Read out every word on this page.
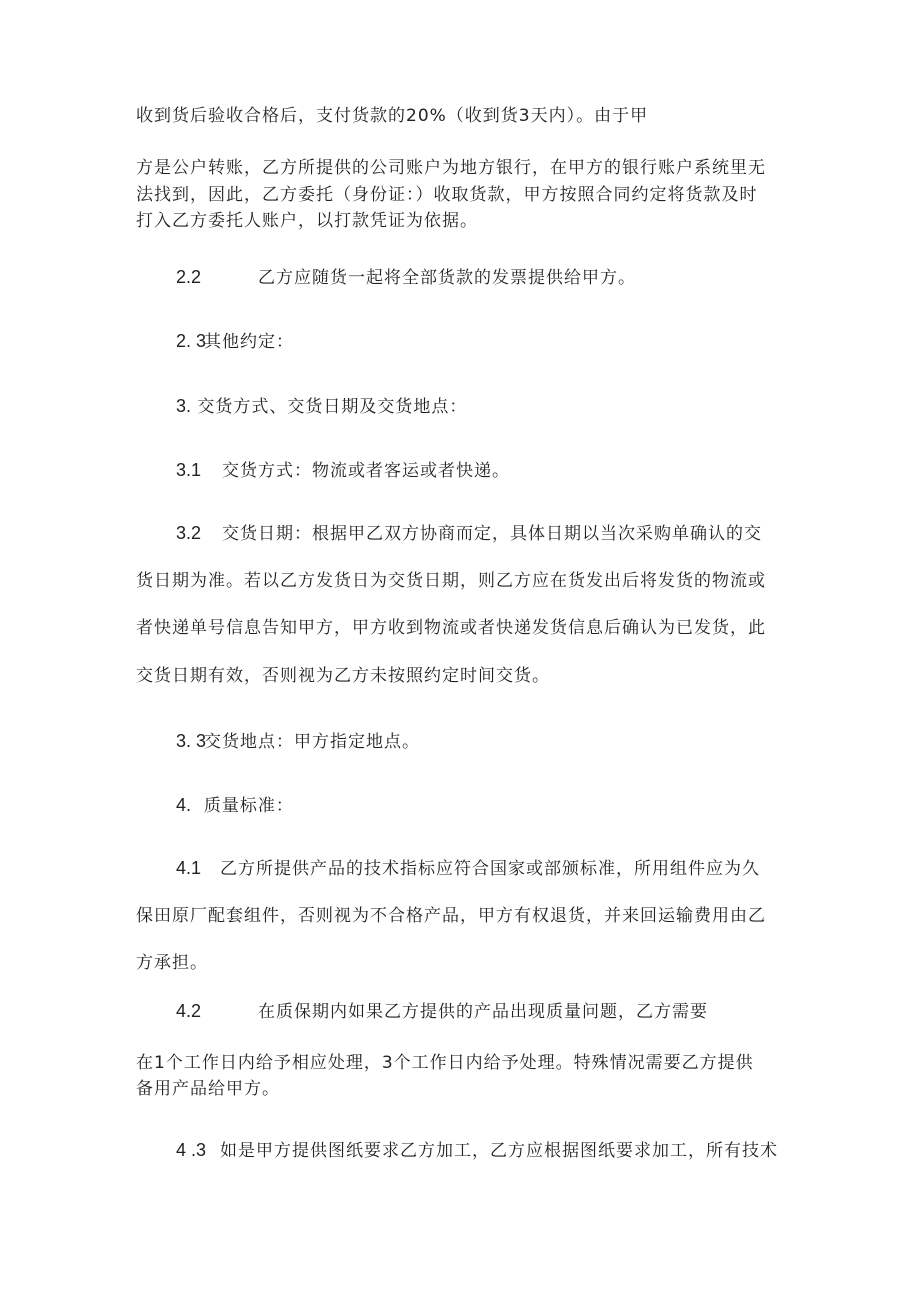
收到货后验收合格后，支付货款的20%（收到货3天内）。由于甲
方是公户转账，乙方所提供的公司账户为地方银行，在甲方的银行账户系统里无
法找到，因此，乙方委托（身份证：）收取货款，甲方按照合同约定将货款及时
打入乙方委托人账户，以打款凭证为依据。
2.2	乙方应随货一起将全部货款的发票提供给甲方。
2. 3其他约定：
3. 交货方式、交货日期及交货地点：
3.1 交货方式：物流或者客运或者快递。
3.2 交货日期：根据甲乙双方协商而定，具体日期以当次采购单确认的交
货日期为准。若以乙方发货日为交货日期，则乙方应在货发出后将发货的物流或
者快递单号信息告知甲方，甲方收到物流或者快递发货信息后确认为已发货，此
交货日期有效，否则视为乙方未按照约定时间交货。
3. 3交货地点：甲方指定地点。
4. 质量标准：
4.1 乙方所提供产品的技术指标应符合国家或部颁标准，所用组件应为久
保田原厂配套组件，否则视为不合格产品，甲方有权退货，并来回运输费用由乙
方承担。
4.2	在质保期内如果乙方提供的产品出现质量问题，乙方需要
在1个工作日内给予相应处理，3个工作日内给予处理。特殊情况需要乙方提供
备用产品给甲方。
4 .3 如是甲方提供图纸要求乙方加工，乙方应根据图纸要求加工，所有技术
